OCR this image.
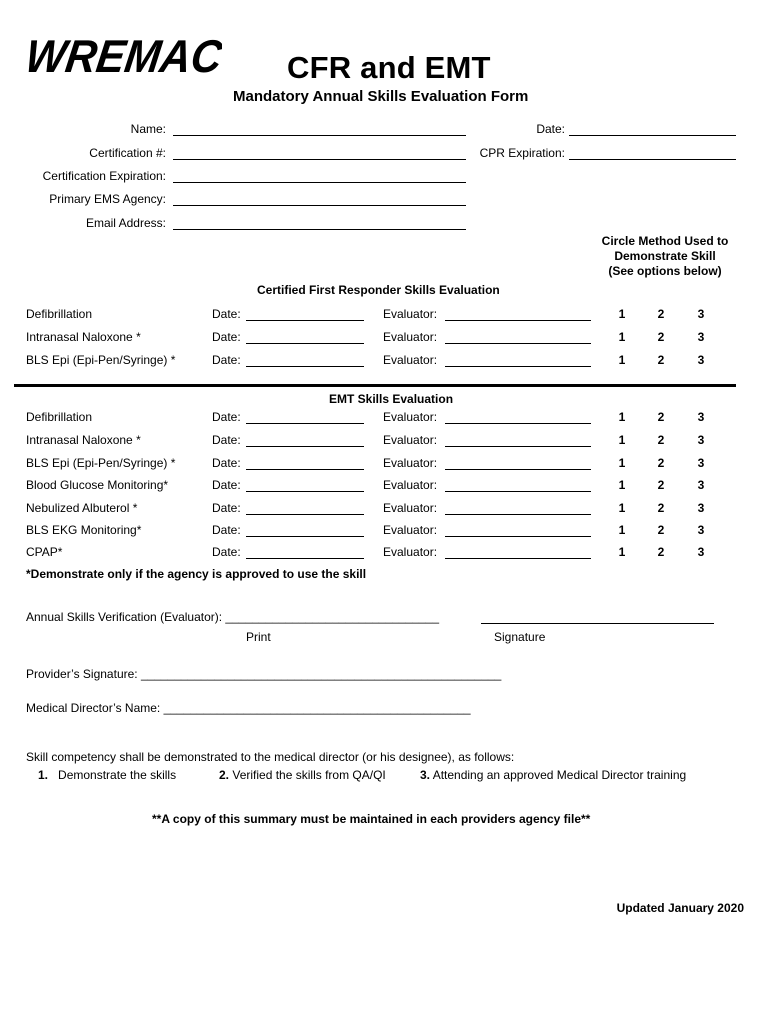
WREMAC CFR and EMT
Mandatory Annual Skills Evaluation Form
Name:	Date:
Certification #:	CPR Expiration:
Certification Expiration:
Primary EMS Agency:
Email Address:
Circle Method Used to
Demonstrate Skill
(See options below)
Certified First Responder Skills Evaluation
Defibrillation	Date:	Evaluator:	1	2	3
Intranasal Naloxone *	Date:	Evaluator:	1	2	3
BLS Epi (Epi-Pen/Syringe) *	Date:	Evaluator:	1	2	3
EMT Skills Evaluation
Defibrillation	Date:	Evaluator:	1	2	3
Intranasal Naloxone *	Date:	Evaluator:	1	2	3
BLS Epi (Epi-Pen/Syringe) *	Date:	Evaluator:	1	2	3
Blood Glucose Monitoring*	Date:	Evaluator:	1	2	3
Nebulized Albuterol *	Date:	Evaluator:	1	2	3
BLS EKG Monitoring*	Date:	Evaluator:	1	2	3
CPAP*	Date:	Evaluator:	1	2	3
*Demonstrate only if the agency is approved to use the skill
Annual Skills Verification (Evaluator): ________________________________
Print	Signature
Provider’s Signature: ______________________________________________________
Medical Director’s Name: ______________________________________________
Skill competency shall be demonstrated to the medical director (or his designee), as follows:
1. Demonstrate the skills	2. Verified the skills from QA/QI	3. Attending an approved Medical Director training
**A copy of this summary must be maintained in each providers agency file**
Updated January 2020
